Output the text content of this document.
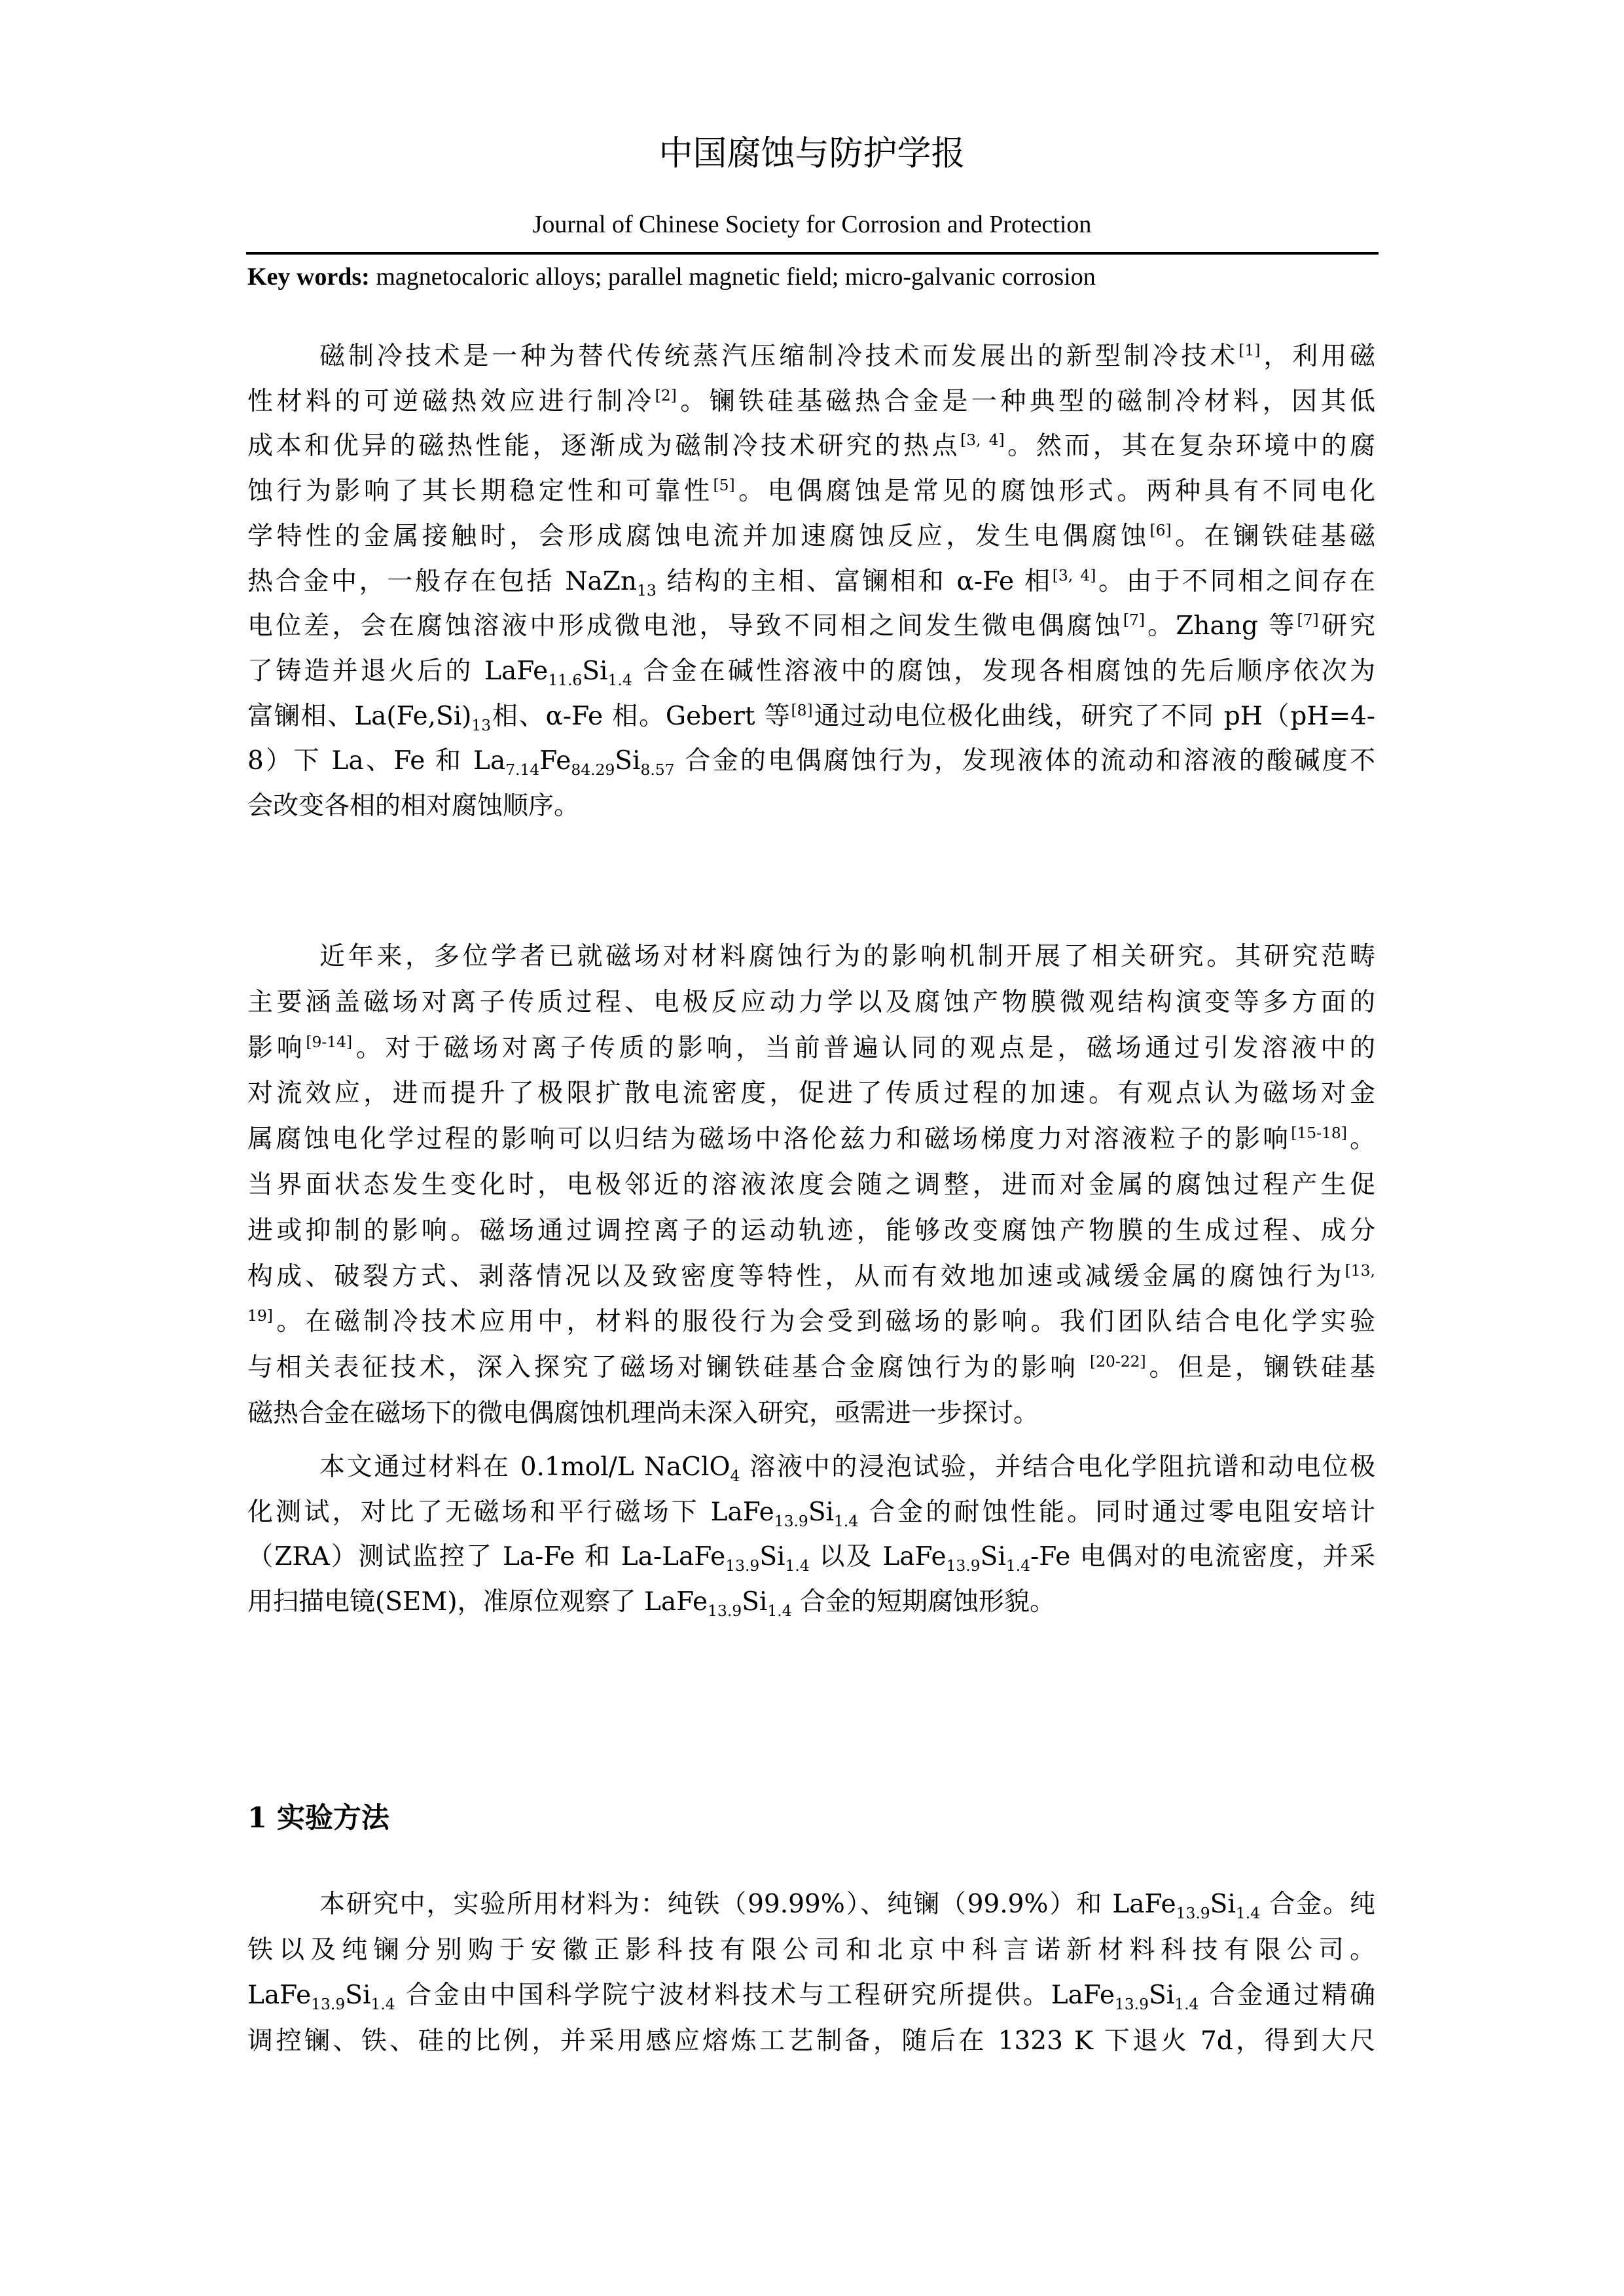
中国腐蚀与防护学报
Journal of Chinese Society for Corrosion and Protection
Key words: magnetocaloric alloys; parallel magnetic field; micro-galvanic corrosion
磁制冷技术是一种为替代传统蒸汽压缩制冷技术而发展出的新型制冷技术[1]，利用磁
性材料的可逆磁热效应进行制冷[2]。镧铁硅基磁热合金是一种典型的磁制冷材料，因其低
成本和优异的磁热性能，逐渐成为磁制冷技术研究的热点[3, 4]。然而，其在复杂环境中的腐
蚀行为影响了其长期稳定性和可靠性[5]。电偶腐蚀是常见的腐蚀形式。两种具有不同电化
学特性的金属接触时，会形成腐蚀电流并加速腐蚀反应，发生电偶腐蚀[6]。在镧铁硅基磁
热合金中，一般存在包括 NaZn$_{13}$ 结构的主相、富镧相和 α-Fe 相[3, 4]。由于不同相之间存在
电位差，会在腐蚀溶液中形成微电池，导致不同相之间发生微电偶腐蚀[7]。Zhang 等[7]研究
了铸造并退火后的 $LaFe_{11.6}Si_{1.4}$ 合金在碱性溶液中的腐蚀，发现各相腐蚀的先后顺序依次为
富镧相、$La(Fe,Si)_{13}$相、α-Fe 相。Gebert 等[8]通过动电位极化曲线，研究了不同 pH（pH=4-
8）下 La、Fe 和 $La_{7.14}Fe_{84.29}Si_{8.57}$ 合金的电偶腐蚀行为，发现液体的流动和溶液的酸碱度不
会改变各相的相对腐蚀顺序。
近年来，多位学者已就磁场对材料腐蚀行为的影响机制开展了相关研究。其研究范畴
主要涵盖磁场对离子传质过程、电极反应动力学以及腐蚀产物膜微观结构演变等多方面的
影响[9-14]。对于磁场对离子传质的影响，当前普遍认同的观点是，磁场通过引发溶液中的
对流效应，进而提升了极限扩散电流密度，促进了传质过程的加速。有观点认为磁场对金
属腐蚀电化学过程的影响可以归结为磁场中洛伦兹力和磁场梯度力对溶液粒子的影响[15-18]。
当界面状态发生变化时，电极邻近的溶液浓度会随之调整，进而对金属的腐蚀过程产生促
进或抑制的影响。磁场通过调控离子的运动轨迹，能够改变腐蚀产物膜的生成过程、成分
构成、破裂方式、剥落情况以及致密度等特性，从而有效地加速或减缓金属的腐蚀行为$^{[13,}$
$^{19]}$。在磁制冷技术应用中，材料的服役行为会受到磁场的影响。我们团队结合电化学实验
与相关表征技术，深入探究了磁场对镧铁硅基合金腐蚀行为的影响 [20-22]。但是，镧铁硅基
磁热合金在磁场下的微电偶腐蚀机理尚未深入研究，亟需进一步探讨。
本文通过材料在 0.1mol/L NaClO$_4$ 溶液中的浸泡试验，并结合电化学阻抗谱和动电位极
化测试，对比了无磁场和平行磁场下 $LaFe_{13.9}Si_{1.4}$ 合金的耐蚀性能。同时通过零电阻安培计
（ZRA）测试监控了 La-Fe 和 $La-LaFe_{13.9}Si_{1.4}$ 以及 $LaFe_{13.9}Si_{1.4}-Fe$ 电偶对的电流密度，并采
用扫描电镜(SEM)，准原位观察了 $LaFe_{13.9}Si_{1.4}$ 合金的短期腐蚀形貌。
1 实验方法
本研究中，实验所用材料为：纯铁（99.99%）、纯镧（99.9%）和 $LaFe_{13.9}Si_{1.4}$ 合金。纯
铁以及纯镧分别购于安徽正影科技有限公司和北京中科言诺新材料科技有限公司。
$LaFe_{13.9}Si_{1.4}$ 合金由中国科学院宁波材料技术与工程研究所提供。$LaFe_{13.9}Si_{1.4}$ 合金通过精确
调控镧、铁、硅的比例，并采用感应熔炼工艺制备，随后在 1323 K 下退火 7d，得到大尺
